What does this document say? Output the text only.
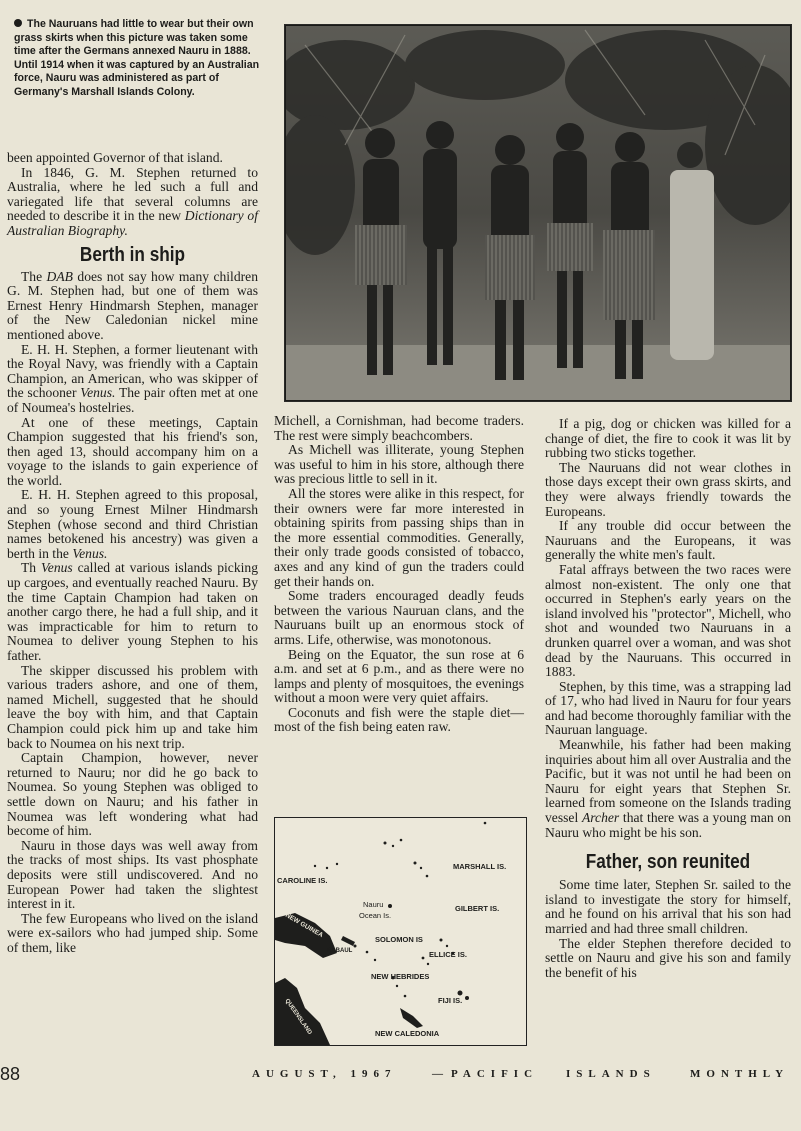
The Nauruans had little to wear but their own grass skirts when this picture was taken some time after the Germans annexed Nauru in 1888. Until 1914 when it was captured by an Australian force, Nauru was administered as part of Germany's Marshall Islands Colony.

been appointed Governor of that island.

In 1846, G. M. Stephen returned to Australia, where he led such a full and variegated life that several columns are needed to describe it in the new Dictionary of Australian Biography.

Berth in ship

The DAB does not say how many children G. M. Stephen had, but one of them was Ernest Henry Hindmarsh Stephen, manager of the New Caledonian nickel mine mentioned above.

E. H. H. Stephen, a former lieutenant with the Royal Navy, was friendly with a Captain Champion, an American, who was skipper of the schooner Venus. The pair often met at one of Noumea's hostelries.

At one of these meetings, Captain Champion suggested that his friend's son, then aged 13, should accompany him on a voyage to the islands to gain experience of the world.

E. H. H. Stephen agreed to this proposal, and so young Ernest Milner Hindmarsh Stephen (whose second and third Christian names betokened his ancestry) was given a berth in the Venus.

Th Venus called at various islands picking up cargoes, and eventually reached Nauru. By the time Captain Champion had taken on another cargo there, he had a full ship, and it was impracticable for him to return to Noumea to deliver young Stephen to his father.

The skipper discussed his problem with various traders ashore, and one of them, named Michell, suggested that he should leave the boy with him, and that Captain Champion could pick him up and take him back to Noumea on his next trip.

Captain Champion, however, never returned to Nauru; nor did he go back to Noumea. So young Stephen was obliged to settle down on Nauru; and his father in Noumea was left wondering what had become of him.

Nauru in those days was well away from the tracks of most ships. Its vast phosphate deposits were still undiscovered. And no European Power had taken the slightest interest in it.

The few Europeans who lived on the island were ex-sailors who had jumped ship. Some of them, like

Michell, a Cornishman, had become traders. The rest were simply beachcombers.

As Michell was illiterate, young Stephen was useful to him in his store, although there was precious little to sell in it.

All the stores were alike in this respect, for their owners were far more interested in obtaining spirits from passing ships than in the more essential commodities. Generally, their only trade goods consisted of tobacco, axes and any kind of gun the traders could get their hands on.

Some traders encouraged deadly feuds between the various Nauruan clans, and the Nauruans built up an enormous stock of arms. Life, otherwise, was monotonous.

Being on the Equator, the sun rose at 6 a.m. and set at 6 p.m., and as there were no lamps and plenty of mosquitoes, the evenings without a moon were very quiet affairs.

Coconuts and fish were the staple diet—most of the fish being eaten raw.

MARSHALL IS.
CAROLINE IS.
Nauru
Ocean Is.
GILBERT IS.
NEW GUINEA
RABAUL
SOLOMON IS
ELLICE IS.
NEW HEBRIDES
FIJI IS.
QUEENSLAND	NEW CALEDONIA

If a pig, dog or chicken was killed for a change of diet, the fire to cook it was lit by rubbing two sticks together.

The Nauruans did not wear clothes in those days except their own grass skirts, and they were always friendly towards the Europeans.

If any trouble did occur between the Nauruans and the Europeans, it was generally the white men's fault.

Fatal affrays between the two races were almost non-existent. The only one that occurred in Stephen's early years on the island involved his "protector", Michell, who shot and wounded two Nauruans in a drunken quarrel over a woman, and was shot dead by the Nauruans. This occurred in 1883.

Stephen, by this time, was a strapping lad of 17, who had lived in Nauru for four years and had become thoroughly familiar with the Nauruan language.

Meanwhile, his father had been making inquiries about him all over Australia and the Pacific, but it was not until he had been on Nauru for eight years that Stephen Sr. learned from someone on the Islands trading vessel Archer that there was a young man on Nauru who might be his son.

Father, son reunited

Some time later, Stephen Sr. sailed to the island to investigate the story for himself, and he found on his arrival that his son had married and had three small children.

The elder Stephen therefore decided to settle on Nauru and give his son and family the benefit of his

88	AUGUST, 1967	— PACIFIC	ISLANDS	MONTHLY
